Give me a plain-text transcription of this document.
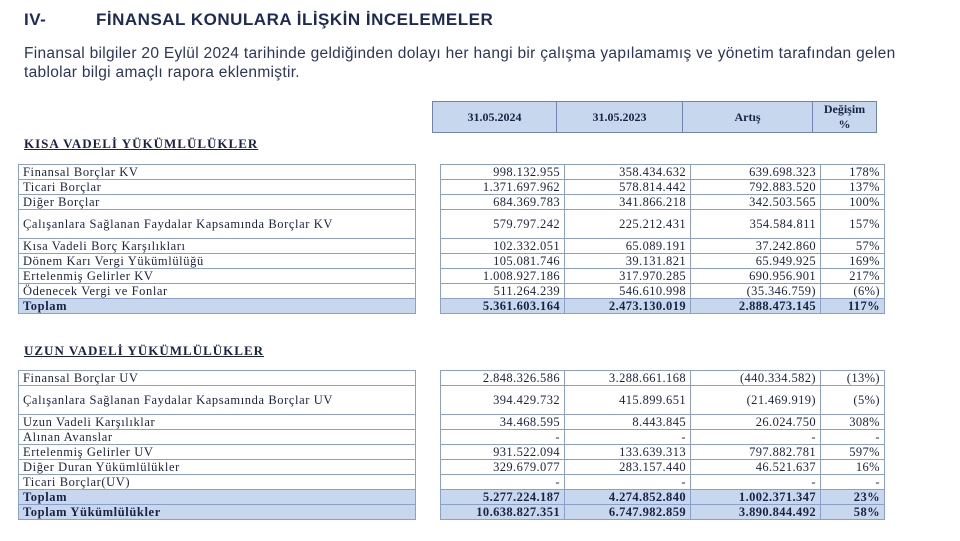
IV-	FİNANSAL KONULARA İLİŞKİN İNCELEMELER
Finansal bilgiler 20 Eylül 2024 tarihinde geldiğinden dolayı her hangi bir çalışma yapılamamış ve yönetim tarafından gelen tablolar bilgi amaçlı rapora eklenmiştir.
31.05.2024	31.05.2023	Artış	Değişim %
KISA VADELİ YÜKÜMLÜLÜKLER
Finansal Borçlar KV		998.132.955	358.434.632	639.698.323	178%
Ticari Borçlar		1.371.697.962	578.814.442	792.883.520	137%
Diğer Borçlar		684.369.783	341.866.218	342.503.565	100%
Çalışanlara Sağlanan Faydalar Kapsamında Borçlar KV		579.797.242	225.212.431	354.584.811	157%
Kısa Vadeli Borç Karşılıkları		102.332.051	65.089.191	37.242.860	57%
Dönem Karı Vergi Yükümlülüğü		105.081.746	39.131.821	65.949.925	169%
Ertelenmiş Gelirler KV		1.008.927.186	317.970.285	690.956.901	217%
Ödenecek Vergi ve Fonlar		511.264.239	546.610.998	(35.346.759)	(6%)
Toplam		5.361.603.164	2.473.130.019	2.888.473.145	117%
UZUN VADELİ YÜKÜMLÜLÜKLER
Finansal Borçlar UV		2.848.326.586	3.288.661.168	(440.334.582)	(13%)
Çalışanlara Sağlanan Faydalar Kapsamında Borçlar UV		394.429.732	415.899.651	(21.469.919)	(5%)
Uzun Vadeli Karşılıklar		34.468.595	8.443.845	26.024.750	308%
Alınan Avanslar		-	-	-	-
Ertelenmiş Gelirler UV		931.522.094	133.639.313	797.882.781	597%
Diğer Duran Yükümlülükler		329.679.077	283.157.440	46.521.637	16%
Ticari Borçlar(UV)		-	-	-	-
Toplam		5.277.224.187	4.274.852.840	1.002.371.347	23%
Toplam Yükümlülükler		10.638.827.351	6.747.982.859	3.890.844.492	58%
